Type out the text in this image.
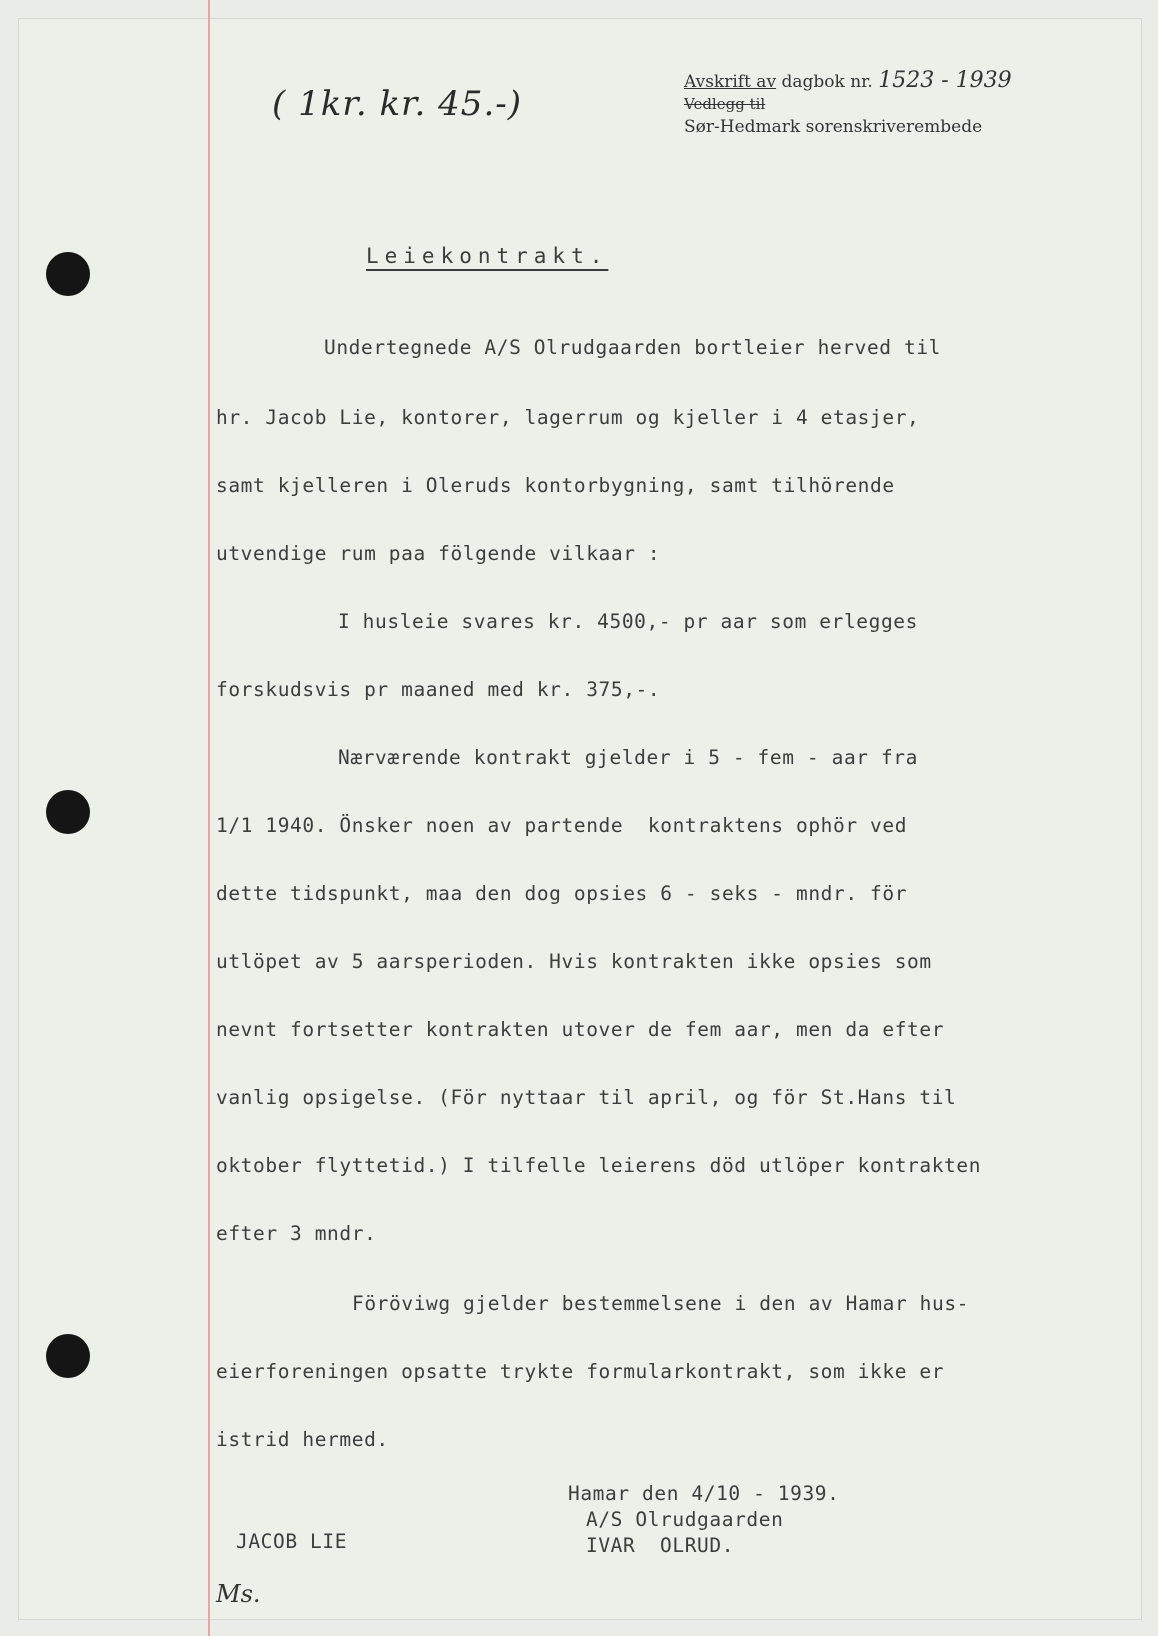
( 1kr. kr. 45.-)
Avskrift av dagbok nr. 1523 - 1939
Vedlegg til
Sør-Hedmark sorenskriverembede
Leiekontrakt.
Undertegnede A/S Olrudgaarden bortleier herved til
hr. Jacob Lie, kontorer, lagerrum og kjeller i 4 etasjer,
samt kjelleren i Oleruds kontorbygning, samt tilhörende
utvendige rum paa fölgende vilkaar :
I husleie svares kr. 4500,- pr aar som erlegges
forskudsvis pr maaned med kr. 375,-.
Nærværende kontrakt gjelder i 5 - fem - aar fra
1/1 1940. Önsker noen av partende  kontraktens ophör ved
dette tidspunkt, maa den dog opsies 6 - seks - mndr. för
utlöpet av 5 aarsperioden. Hvis kontrakten ikke opsies som
nevnt fortsetter kontrakten utover de fem aar, men da efter
vanlig opsigelse. (För nyttaar til april, og för St.Hans til
oktober flyttetid.) I tilfelle leierens död utlöper kontrakten
efter 3 mndr.
Föröviwg gjelder bestemmelsene i den av Hamar hus-
eierforeningen opsatte trykte formularkontrakt, som ikke er
istrid hermed.
Hamar den 4/10 - 1939.
A/S Olrudgaarden
IVAR  OLRUD.
JACOB LIE
Ms.
